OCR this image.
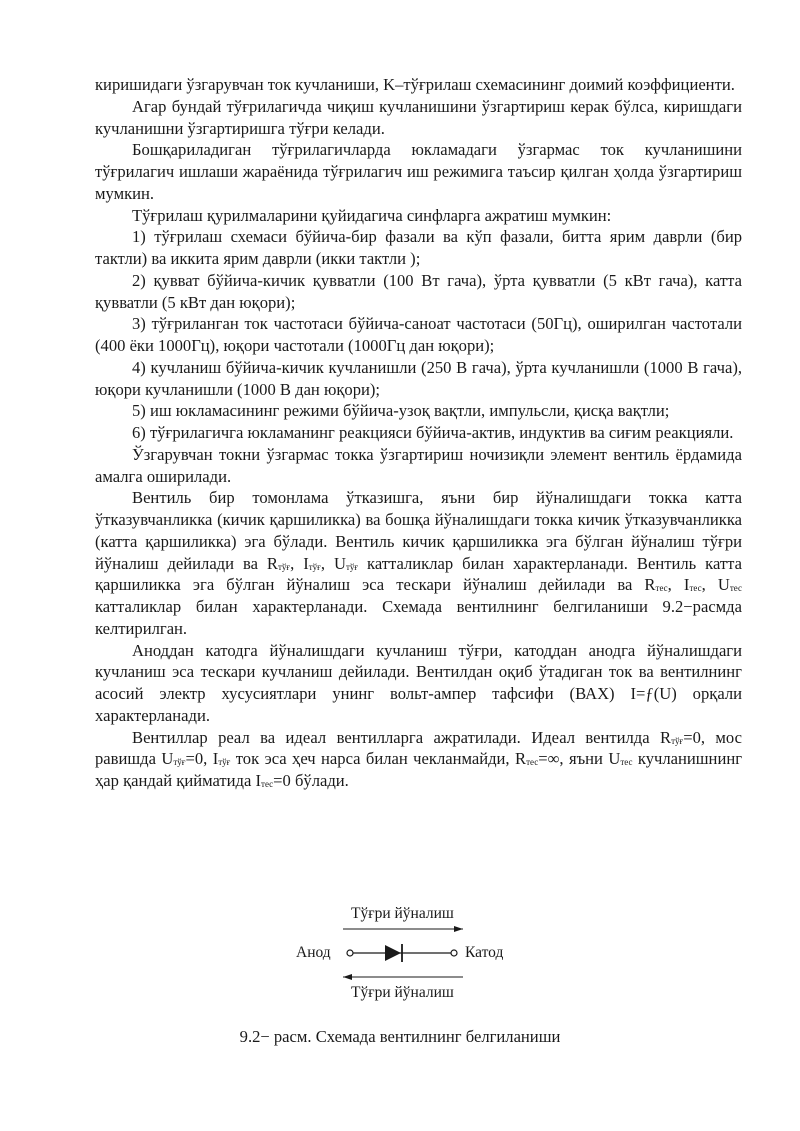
киришидаги ўзгарувчан ток кучланиши, K–тўғрилаш схемасининг доимий коэффициенти.

Агар бундай тўғрилагичда чиқиш кучланишини ўзгартириш керак бўлса, киришдаги кучланишни ўзгартиришга тўғри келади.

Бошқариладиган тўғрилагичларда юкламадаги ўзгармас ток кучланишини тўғрилагич ишлаши жараёнида тўғрилагич иш режимига таъсир қилган ҳолда ўзгартириш мумкин.

Тўғрилаш қурилмаларини қуйидагича синфларга ажратиш мумкин:

1) тўғрилаш схемаси бўйича-бир фазали ва кўп фазали, битта ярим даврли (бир тактли) ва иккита ярим даврли (икки тактли );

2) қувват бўйича-кичик қувватли (100 Вт гача), ўрта қувватли (5 кВт гача), катта қувватли (5 кВт дан юқори);

3) тўғриланган ток частотаси бўйича-саноат частотаси (50Гц), оширилган частотали (400 ёки 1000Гц), юқори частотали (1000Гц дан юқори);

4) кучланиш бўйича-кичик кучланишли (250 В гача), ўрта кучланишли (1000 В гача), юқори кучланишли (1000 В дан юқори);

5) иш юкламасининг режими бўйича-узоқ вақтли, импульсли, қисқа вақтли;

6) тўғрилагичга юкламанинг реакцияси бўйича-актив, индуктив ва сиғим реакцияли.

Ўзгарувчан токни ўзгармас токка ўзгартириш ночизиқли элемент вентиль ёрдамида амалга оширилади.

Вентиль бир томонлама ўтказишга, яъни бир йўналишдаги токка катта ўтказувчанликка (кичик қаршиликка) ва бошқа йўналишдаги токка кичик ўтказувчанликка (катта қаршиликка) эга бўлади. Вентиль кичик қаршиликка эга бўлган йўналиш тўғри йўналиш дейилади ва $R_{тўғ}$, $I_{тўғ}$, $U_{тўғ}$ катталиклар билан характерланади. Вентиль катта қаршиликка эга бўлган йўналиш эса тескари йўналиш дейилади ва $R_{тес}$, $I_{тес}$, $U_{тес}$ катталиклар билан характерланади. Схемада вентилнинг белгиланиши 9.2−расмда келтирилган.

Аноддан катодга йўналишдаги кучланиш тўғри, катоддан анодга йўналишдаги кучланиш эса тескари кучланиш дейилади. Вентилдан оқиб ўтадиган ток ва вентилнинг асосий электр хусусиятлари унинг вольт-ампер тафсифи (ВАХ) I=ƒ(U) орқали характерланади.

Вентиллар реал ва идеал вентилларга ажратилади. Идеал вентилда $R_{тўғ}=0$, мос равишда $U_{тўғ}=0$, $I_{тўғ}$ ток эса ҳеч нарса билан чекланмайди, $R_{тес}=\infty$, яъни $U_{тес}$ кучланишнинг ҳар қандай қийматида $I_{тес}=0$ бўлади.

Тўғри йўналиш
Анод	Катод
Тўғри йўналиш
9.2− расм. Схемада вентилнинг белгиланиши
